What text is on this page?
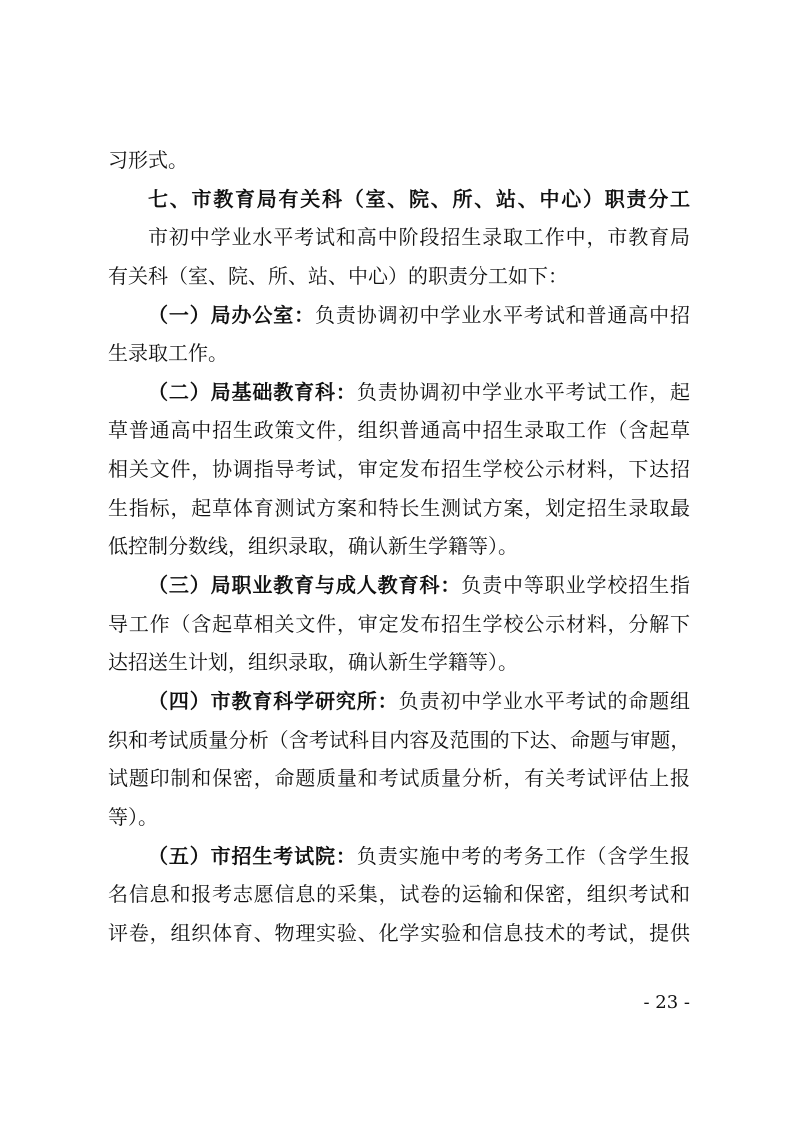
习形式。
七、市教育局有关科（室、院、所、站、中心）职责分工
市初中学业水平考试和高中阶段招生录取工作中，市教育局
有关科（室、院、所、站、中心）的职责分工如下：
（一）局办公室：负责协调初中学业水平考试和普通高中招
生录取工作。
（二）局基础教育科：负责协调初中学业水平考试工作，起
草普通高中招生政策文件，组织普通高中招生录取工作（含起草
相关文件，协调指导考试，审定发布招生学校公示材料，下达招
生指标，起草体育测试方案和特长生测试方案，划定招生录取最
低控制分数线，组织录取，确认新生学籍等）。
（三）局职业教育与成人教育科：负责中等职业学校招生指
导工作（含起草相关文件，审定发布招生学校公示材料，分解下
达招送生计划，组织录取，确认新生学籍等）。
（四）市教育科学研究所：负责初中学业水平考试的命题组
织和考试质量分析（含考试科目内容及范围的下达、命题与审题，
试题印制和保密，命题质量和考试质量分析，有关考试评估上报
等）。
（五）市招生考试院：负责实施中考的考务工作（含学生报
名信息和报考志愿信息的采集，试卷的运输和保密，组织考试和
评卷，组织体育、物理实验、化学实验和信息技术的考试，提供
- 23 -
